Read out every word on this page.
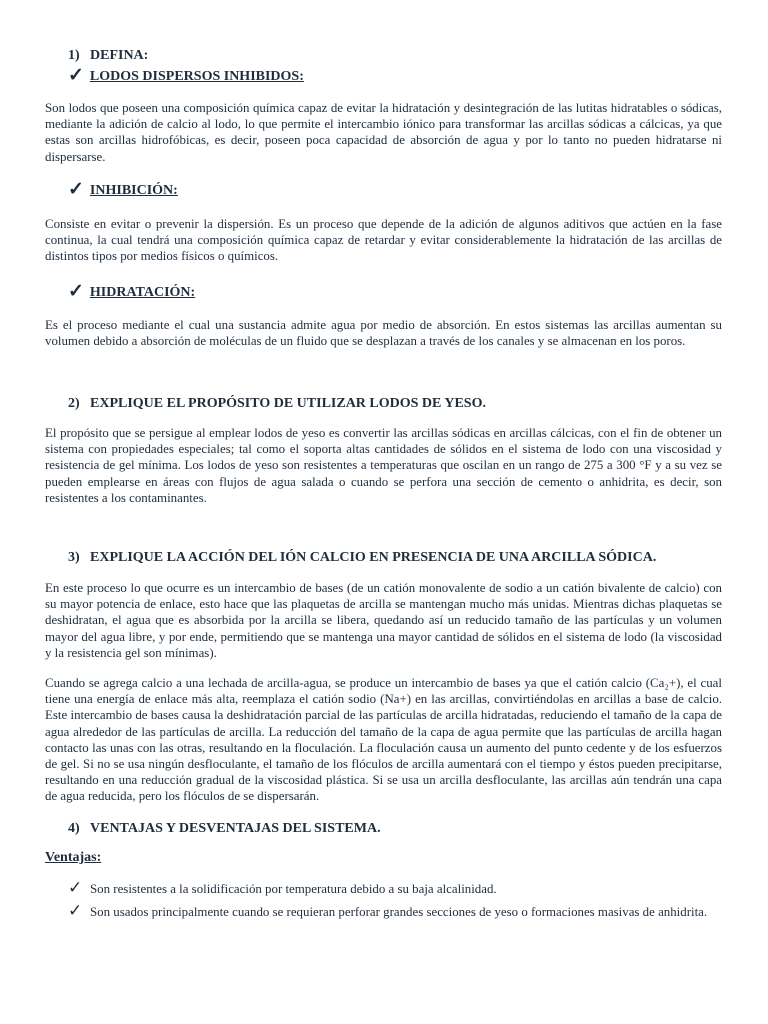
1) DEFINA:
✓ LODOS DISPERSOS INHIBIDOS:
Son lodos que poseen una composición química capaz de evitar la hidratación y desintegración de las lutitas hidratables o sódicas, mediante la adición de calcio al lodo, lo que permite el intercambio iónico para transformar las arcillas sódicas a cálcicas, ya que estas son arcillas hidrofóbicas, es decir, poseen poca capacidad de absorción de agua y por lo tanto no pueden hidratarse ni dispersarse.
✓ INHIBICIÓN:
Consiste en evitar o prevenir la dispersión. Es un proceso que depende de la adición de algunos aditivos que actúen en la fase continua, la cual tendrá una composición química capaz de retardar y evitar considerablemente la hidratación de las arcillas de distintos tipos por medios físicos o químicos.
✓ HIDRATACIÓN:
Es el proceso mediante el cual una sustancia admite agua por medio de absorción. En estos sistemas las arcillas aumentan su volumen debido a absorción de moléculas de un fluido que se desplazan a través de los canales y se almacenan en los poros.
2) EXPLIQUE EL PROPÓSITO DE UTILIZAR LODOS DE YESO.
El propósito que se persigue al emplear lodos de yeso es convertir las arcillas sódicas en arcillas cálcicas, con el fin de obtener un sistema con propiedades especiales; tal como el soporta altas cantidades de sólidos en el sistema de lodo con una viscosidad y resistencia de gel mínima. Los lodos de yeso son resistentes a temperaturas que oscilan en un rango de 275 a 300 °F y a su vez se pueden emplearse en áreas con flujos de agua salada o cuando se perfora una sección de cemento o anhidrita, es decir, son resistentes a los contaminantes.
3) EXPLIQUE LA ACCIÓN DEL IÓN CALCIO EN PRESENCIA DE UNA ARCILLA SÓDICA.
En este proceso lo que ocurre es un intercambio de bases (de un catión monovalente de sodio a un catión bivalente de calcio) con su mayor potencia de enlace, esto hace que las plaquetas de arcilla se mantengan mucho más unidas. Mientras dichas plaquetas se deshidratan, el agua que es absorbida por la arcilla se libera, quedando así un reducido tamaño de las partículas y un volumen mayor del agua libre, y por ende, permitiendo que se mantenga una mayor cantidad de sólidos en el sistema de lodo (la viscosidad y la resistencia gel son mínimas).
Cuando se agrega calcio a una lechada de arcilla-agua, se produce un intercambio de bases ya que el catión calcio (Ca₂+), el cual tiene una energía de enlace más alta, reemplaza el catión sodio (Na+) en las arcillas, convirtiéndolas en arcillas a base de calcio. Este intercambio de bases causa la deshidratación parcial de las partículas de arcilla hidratadas, reduciendo el tamaño de la capa de agua alrededor de las partículas de arcilla. La reducción del tamaño de la capa de agua permite que las partículas de arcilla hagan contacto las unas con las otras, resultando en la floculación. La floculación causa un aumento del punto cedente y de los esfuerzos de gel. Si no se usa ningún desfloculante, el tamaño de los flóculos de arcilla aumentará con el tiempo y éstos pueden precipitarse, resultando en una reducción gradual de la viscosidad plástica. Si se usa un arcilla desfloculante, las arcillas aún tendrán una capa de agua reducida, pero los flóculos de se dispersarán.
4) VENTAJAS Y DESVENTAJAS DEL SISTEMA.
Ventajas:
✓ Son resistentes a la solidificación por temperatura debido a su baja alcalinidad.
✓ Son usados principalmente cuando se requieran perforar grandes secciones de yeso o formaciones masivas de anhidrita.
